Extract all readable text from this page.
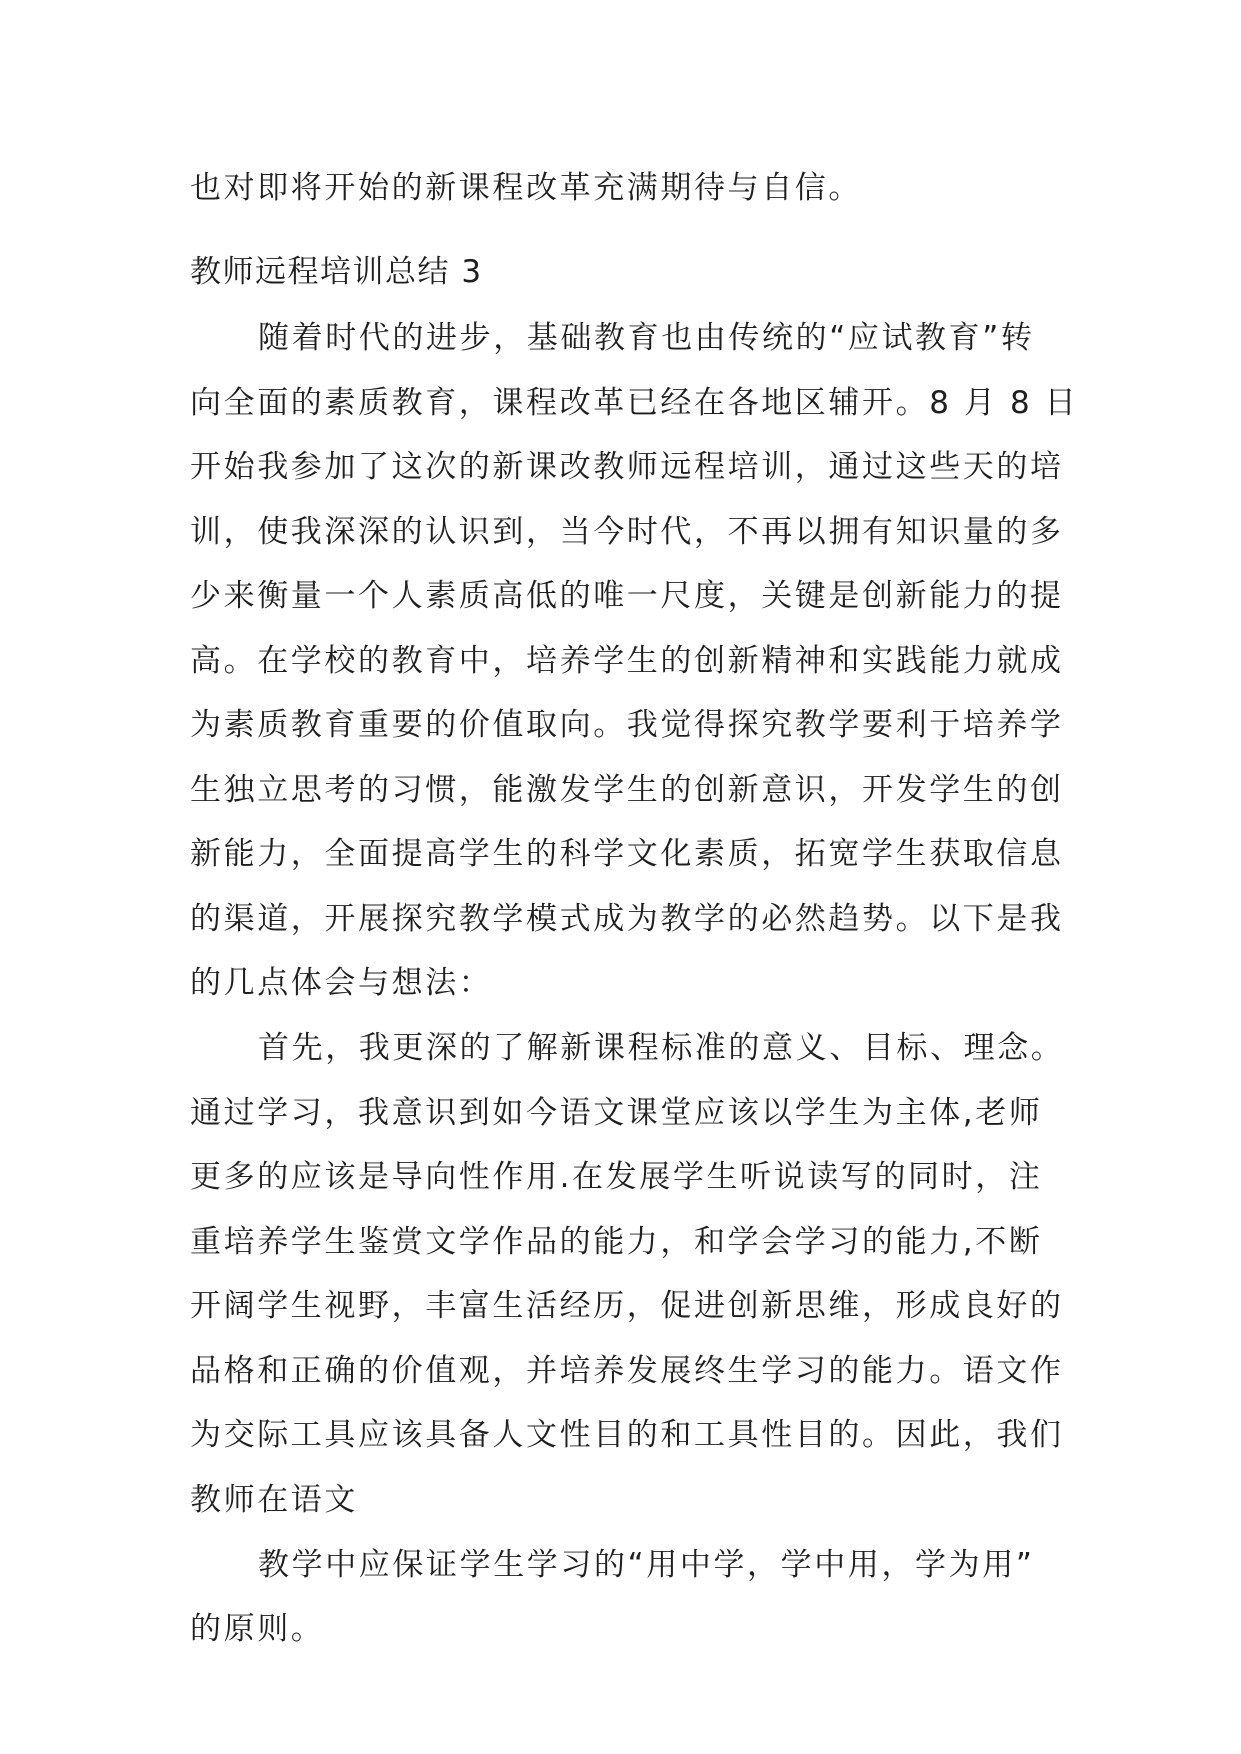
也对即将开始的新课程改革充满期待与自信。
教师远程培训总结 3
随着时代的进步，基础教育也由传统的“应试教育”转
向全面的素质教育，课程改革已经在各地区辅开。8 月 8 日
开始我参加了这次的新课改教师远程培训，通过这些天的培
训，使我深深的认识到，当今时代，不再以拥有知识量的多
少来衡量一个人素质高低的唯一尺度，关键是创新能力的提
高。在学校的教育中，培养学生的创新精神和实践能力就成
为素质教育重要的价值取向。我觉得探究教学要利于培养学
生独立思考的习惯，能激发学生的创新意识，开发学生的创
新能力，全面提高学生的科学文化素质，拓宽学生获取信息
的渠道，开展探究教学模式成为教学的必然趋势。以下是我
的几点体会与想法：
首先，我更深的了解新课程标准的意义、目标、理念。
通过学习，我意识到如今语文课堂应该以学生为主体,老师
更多的应该是导向性作用.在发展学生听说读写的同时，注
重培养学生鉴赏文学作品的能力，和学会学习的能力,不断
开阔学生视野，丰富生活经历，促进创新思维，形成良好的
品格和正确的价值观，并培养发展终生学习的能力。语文作
为交际工具应该具备人文性目的和工具性目的。因此，我们
教师在语文
教学中应保证学生学习的“用中学，学中用，学为用”
的原则。
